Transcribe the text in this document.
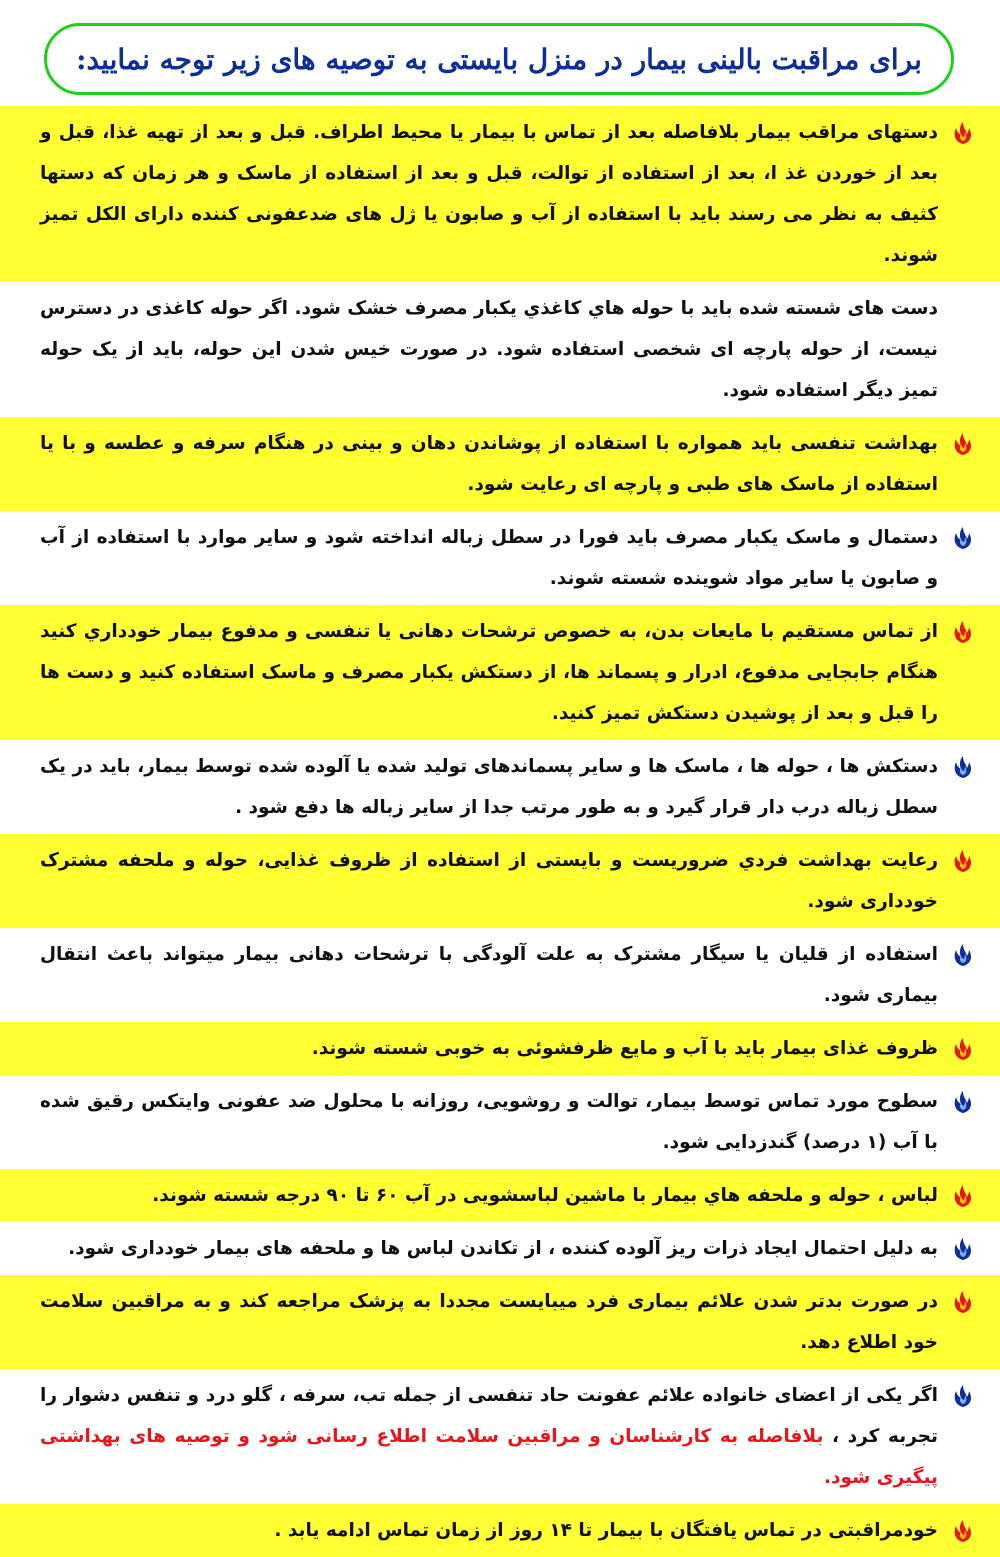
برای مراقبت بالینی بیمار در منزل بایستی به توصیه های زیر توجه نمایید:

دستهای مراقب بیمار بلافاصله بعد از تماس با بیمار یا محیط اطراف. قبل و بعد از تهیه غذا، قبل و بعد از خوردن غذ ا، بعد از استفاده از توالت، قبل و بعد از استفاده از ماسک و هر زمان که دستها کثیف به نظر می رسند باید با استفاده از آب و صابون یا ژل های ضدعفونی کننده دارای الکل تمیز شوند.

دست های شسته شده باید با حوله هاي کاغذي یکبار مصرف خشک شود. اگر حوله کاغذی در دسترس نیست، از حوله پارچه ای شخصی استفاده شود. در صورت خیس شدن این حوله، باید از یک حوله تمیز دیگر استفاده شود.

بهداشت تنفسی باید همواره با استفاده از پوشاندن دهان و بینی در هنگام سرفه و عطسه و با یا استفاده از ماسک های طبی و پارچه ای رعایت شود.

دستمال و ماسک یکبار مصرف باید فورا در سطل زباله انداخته شود و سایر موارد با استفاده از آب و صابون یا سایر مواد شوینده شسته شوند.

از تماس مستقیم با مایعات بدن، به خصوص ترشحات دهانی یا تنفسی و مدفوع بیمار خودداري کنید هنگام جابجایی مدفوع، ادرار و پسماند ها، از دستکش یکبار مصرف و ماسک استفاده کنید و دست ها را قبل و بعد از پوشیدن دستکش تمیز کنید.

دستکش ها ، حوله ها ، ماسک ها و سایر پسماندهای تولید شده یا آلوده شده توسط بیمار، باید در یک سطل زباله درب دار قرار گیرد و به طور مرتب جدا از سایر زباله ها دفع شود .

رعایت بهداشت فردي ضروریست و بایستی از استفاده از ظروف غذایی، حوله و ملحفه مشترک خودداری شود.

استفاده از قلیان یا سیگار مشترک به علت آلودگی با ترشحات دهانی بیمار میتواند باعث انتقال بیماری شود.

ظروف غذای بیمار باید با آب و مایع ظرفشوئی به خوبی شسته شوند.

سطوح مورد تماس توسط بیمار، توالت و روشویی، روزانه با محلول ضد عفونی وایتکس رقیق شده با آب (۱ درصد) گندزدایی شود.

لباس ، حوله و ملحفه هاي بیمار با ماشین لباسشویی در آب ۶۰ تا ۹۰ درجه شسته شوند.

به دلیل احتمال ایجاد ذرات ریز آلوده کننده ، از تکاندن لباس ها و ملحفه های بیمار خودداری شود.

در صورت بدتر شدن علائم بیماری فرد میبایست مجددا به پزشک مراجعه کند و به مراقبین سلامت خود اطلاع دهد.

اگر یکی از اعضای خانواده علائم عفونت حاد تنفسی از جمله تب، سرفه ، گلو درد و تنفس دشوار را تجربه کرد ، بلافاصله به کارشناسان و مراقبین سلامت اطلاع رسانی شود و توصیه های بهداشتی پیگیری شود.

خودمراقبتی در تماس یافتگان با بیمار تا ۱۴ روز از زمان تماس ادامه یابد .
